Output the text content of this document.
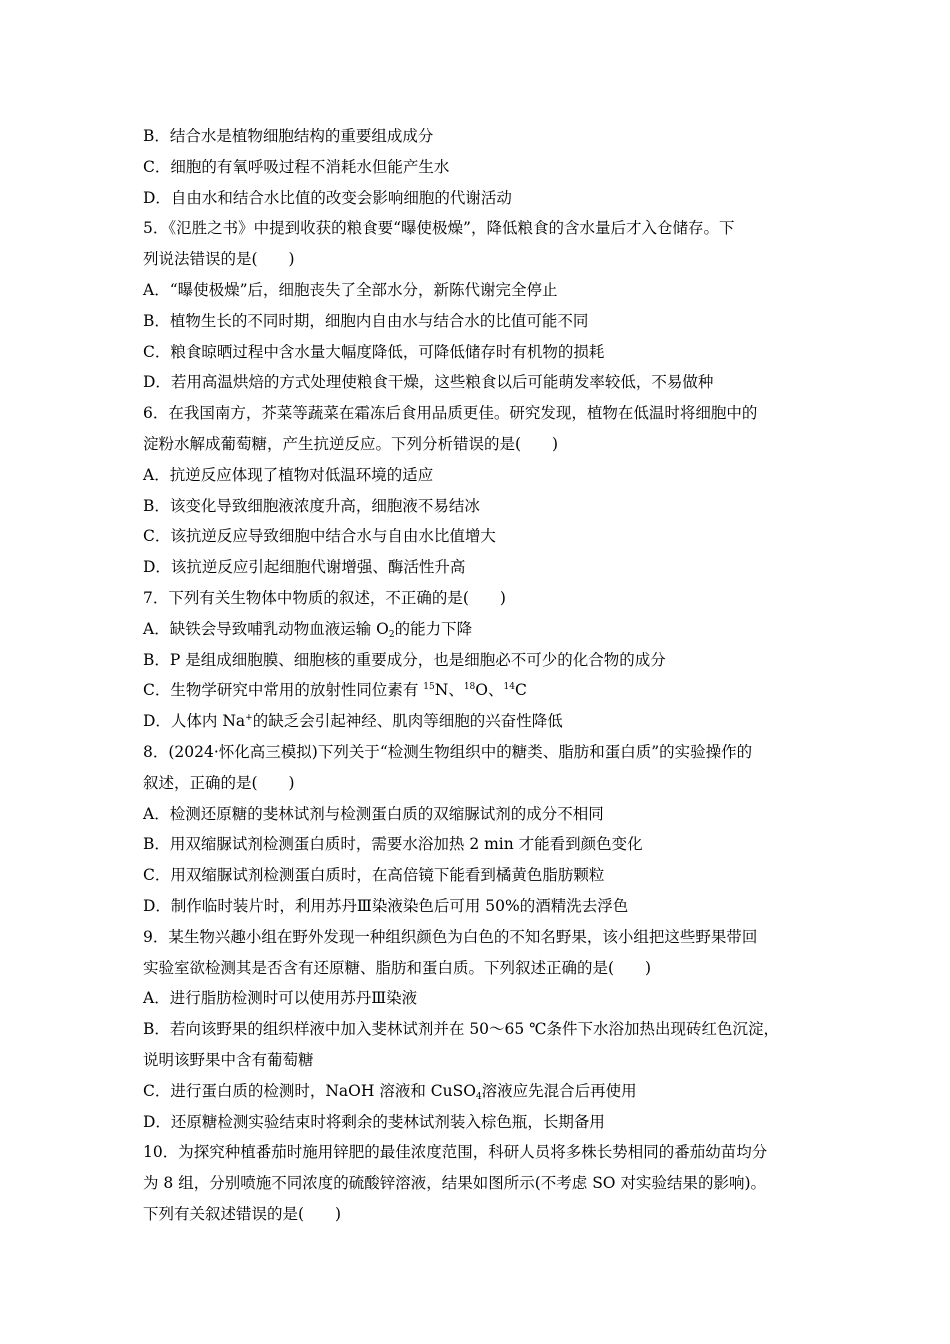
B．结合水是植物细胞结构的重要组成成分
C．细胞的有氧呼吸过程不消耗水但能产生水
D．自由水和结合水比值的改变会影响细胞的代谢活动
5．《氾胜之书》中提到收获的粮食要“曝使极燥”，降低粮食的含水量后才入仓储存。下
列说法错误的是(　　)
A．“曝使极燥”后，细胞丧失了全部水分，新陈代谢完全停止
B．植物生长的不同时期，细胞内自由水与结合水的比值可能不同
C．粮食晾晒过程中含水量大幅度降低，可降低储存时有机物的损耗
D．若用高温烘焙的方式处理使粮食干燥，这些粮食以后可能萌发率较低，不易做种
6．在我国南方，芥菜等蔬菜在霜冻后食用品质更佳。研究发现，植物在低温时将细胞中的
淀粉水解成葡萄糖，产生抗逆反应。下列分析错误的是(　　)
A．抗逆反应体现了植物对低温环境的适应
B．该变化导致细胞液浓度升高，细胞液不易结冰
C．该抗逆反应导致细胞中结合水与自由水比值增大
D．该抗逆反应引起细胞代谢增强、酶活性升高
7．下列有关生物体中物质的叙述，不正确的是(　　)
A．缺铁会导致哺乳动物血液运输 $O_2$的能力下降
B．P 是组成细胞膜、细胞核的重要成分，也是细胞必不可少的化合物的成分
C．生物学研究中常用的放射性同位素有 $^{15}$N、$^{18}$O、$^{14}$C
D．人体内 Na+的缺乏会引起神经、肌肉等细胞的兴奋性降低
8．(2024·怀化高三模拟)下列关于“检测生物组织中的糖类、脂肪和蛋白质”的实验操作的
叙述，正确的是(　　)
A．检测还原糖的斐林试剂与检测蛋白质的双缩脲试剂的成分不相同
B．用双缩脲试剂检测蛋白质时，需要水浴加热 2 min 才能看到颜色变化
C．用双缩脲试剂检测蛋白质时，在高倍镜下能看到橘黄色脂肪颗粒
D．制作临时装片时，利用苏丹Ⅲ染液染色后可用 50%的酒精洗去浮色
9．某生物兴趣小组在野外发现一种组织颜色为白色的不知名野果，该小组把这些野果带回
实验室欲检测其是否含有还原糖、脂肪和蛋白质。下列叙述正确的是(　　)
A．进行脂肪检测时可以使用苏丹Ⅲ染液
B．若向该野果的组织样液中加入斐林试剂并在 50～65 ℃条件下水浴加热出现砖红色沉淀，
说明该野果中含有葡萄糖
C．进行蛋白质的检测时，NaOH 溶液和 CuSO$_4$溶液应先混合后再使用
D．还原糖检测实验结束时将剩余的斐林试剂装入棕色瓶，长期备用
10．为探究种植番茄时施用锌肥的最佳浓度范围，科研人员将多株长势相同的番茄幼苗均分
为 8 组，分别喷施不同浓度的硫酸锌溶液，结果如图所示(不考虑 SO 对实验结果的影响)。
下列有关叙述错误的是(　　)
